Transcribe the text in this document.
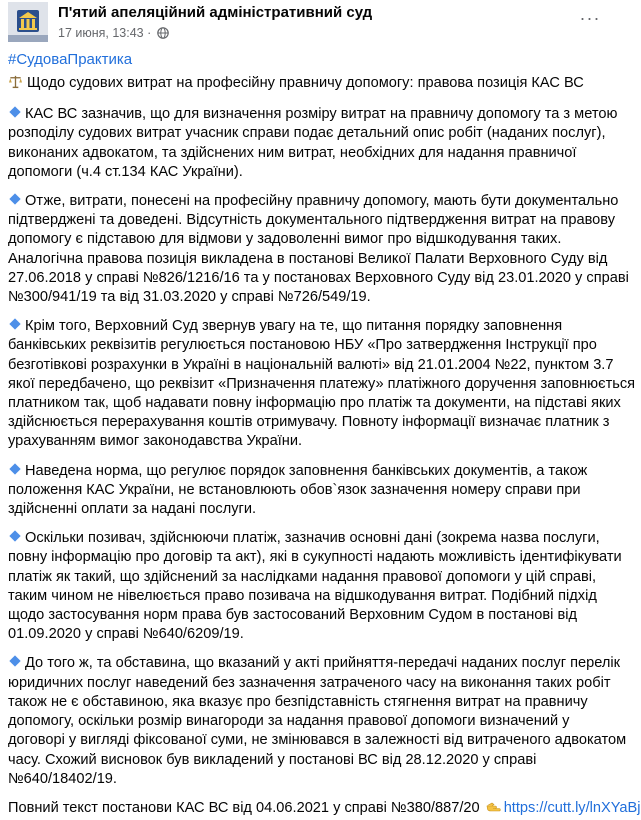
П'ятий апеляційний адміністративний суд
17 июня, 13:43 ·
···
#СудоваПрактика
Щодо судових витрат на професійну правничу допомогу: правова позиція КАС ВС
КАС ВС зазначив, що для визначення розміру витрат на правничу допомогу та з метою
розподілу судових витрат учасник справи подає детальний опис робіт (наданих послуг),
виконаних адвокатом, та здійснених ним витрат, необхідних для надання правничої
допомоги (ч.4 ст.134 КАС України).
Отже, витрати, понесені на професійну правничу допомогу, мають бути документально
підтверджені та доведені. Відсутність документального підтвердження витрат на правову
допомогу є підставою для відмови у задоволенні вимог про відшкодування таких.
Аналогічна правова позиція викладена в постанові Великої Палати Верховного Суду від
27.06.2018 у справі №826/1216/16 та у постановах Верховного Суду від 23.01.2020 у справі
№300/941/19 та від 31.03.2020 у справі №726/549/19.
Крім того, Верховний Суд звернув увагу на те, що питання порядку заповнення
банківських реквізитів регулюється постановою НБУ «Про затвердження Інструкції про
безготівкові розрахунки в Україні в національній валюті» від 21.01.2004 №22, пунктом 3.7
якої передбачено, що реквізит «Призначення платежу» платіжного доручення заповнюється
платником так, щоб надавати повну інформацію про платіж та документи, на підставі яких
здійснюється перерахування коштів отримувачу. Повноту інформації визначає платник з
урахуванням вимог законодавства України.
Наведена норма, що регулює порядок заповнення банківських документів, а також
положення КАС України, не встановлюють обов`язок зазначення номеру справи при
здійсненні оплати за надані послуги.
Оскільки позивач, здійснюючи платіж, зазначив основні дані (зокрема назва послуги,
повну інформацію про договір та акт), які в сукупності надають можливість ідентифікувати
платіж як такий, що здійснений за наслідками надання правової допомоги у цій справі,
таким чином не нівелюється право позивача на відшкодування витрат. Подібний підхід
щодо застосування норм права був застосований Верховним Судом в постанові від
01.09.2020 у справі №640/6209/19.
До того ж, та обставина, що вказаний у акті прийняття-передачі наданих послуг перелік
юридичних послуг наведений без зазначення затраченого часу на виконання таких робіт
також не є обставиною, яка вказує про безпідставність стягнення витрат на правничу
допомогу, оскільки розмір винагороди за надання правової допомоги визначений у
договорі у вигляді фіксованої суми, не змінювався в залежності від витраченого адвокатом
часу. Схожий висновок був викладений у постанові ВС від 28.12.2020 у справі
№640/18402/19.
Повний текст постанови КАС ВС від 04.06.2021 у справі №380/887/20 https://cutt.ly/lnXYaBj
